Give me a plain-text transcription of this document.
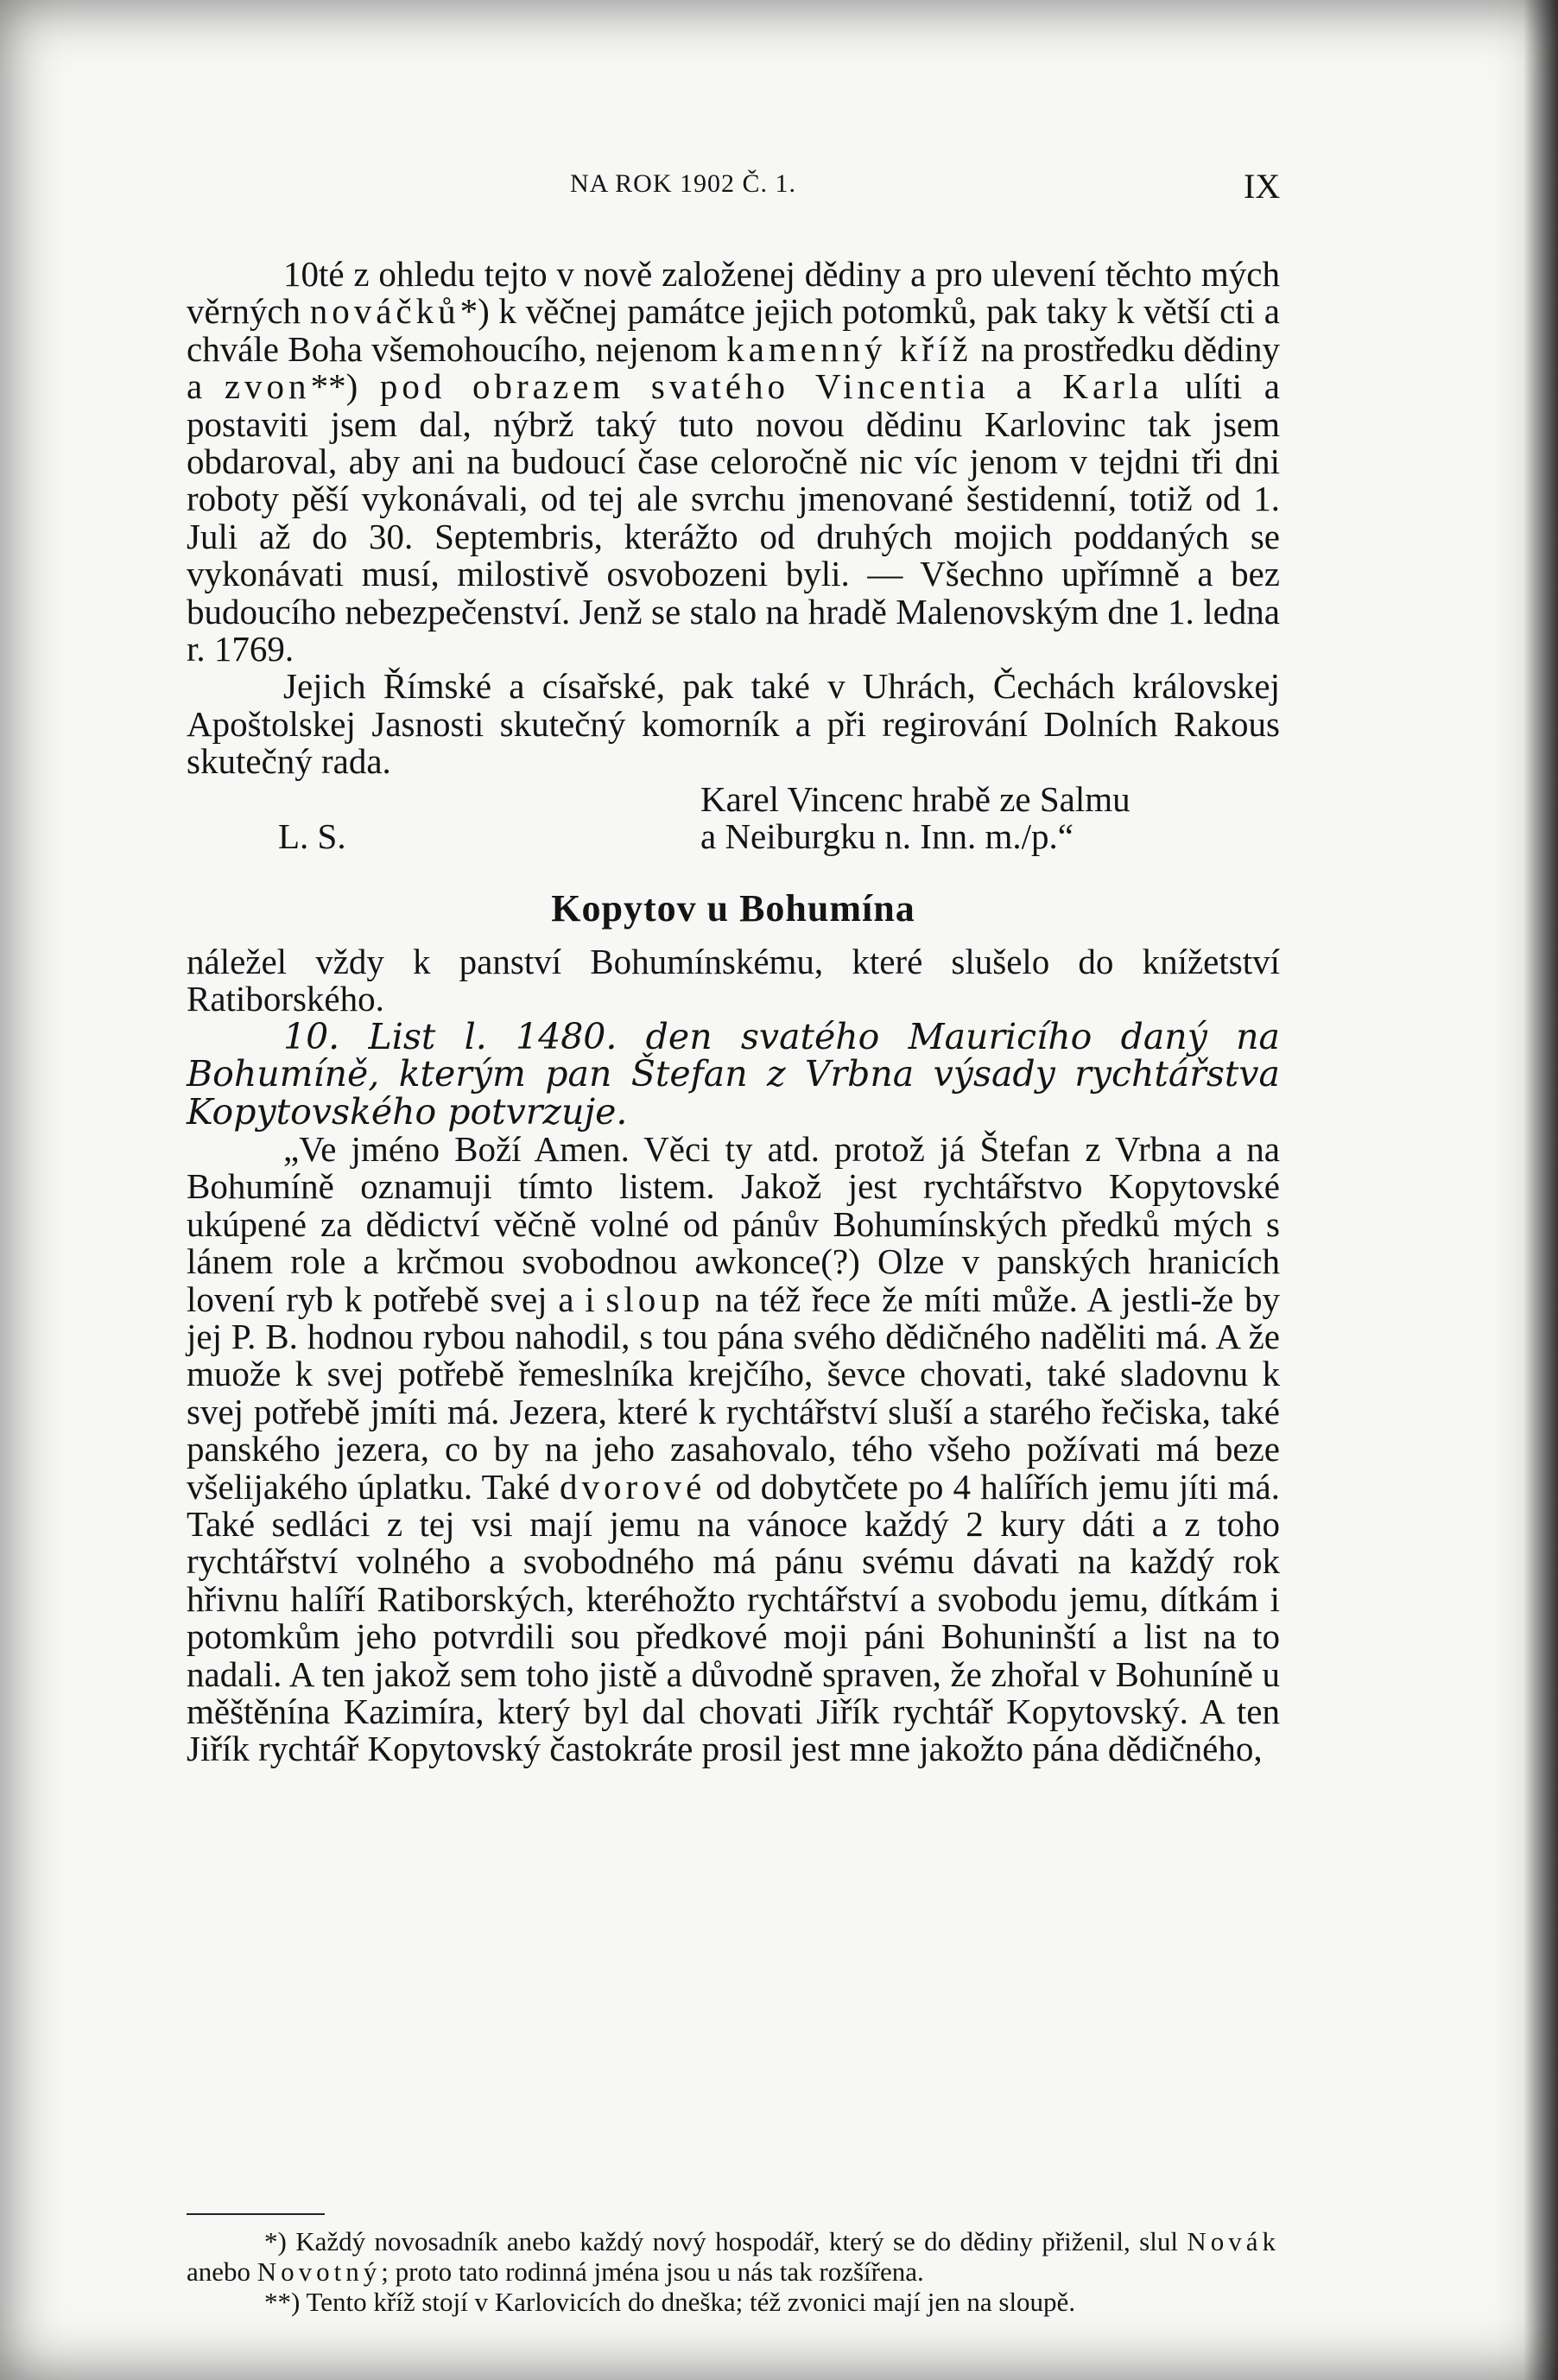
NA ROK 1902 Č. 1.	IX

10té z ohledu tejto v nově založenej dědiny a pro ulevení těchto mých věrných nováčků*) k věčnej památce jejich potomků, pak taky k větší cti a chvále Boha všemohoucího, nejenom kamenný kříž na prostředku dědiny a zvon**) pod obrazem svatého Vincentia a Karla ulíti a postaviti jsem dal, nýbrž taký tuto novou dědinu Karlovinc tak jsem obdaroval, aby ani na budoucí čase celoročně nic víc jenom v tejdni tři dni roboty pěší vykonávali, od tej ale svrchu jmenované šestidenní, totiž od 1. Juli až do 30. Septembris, kterážto od druhých mojich poddaných se vykonávati musí, milostivě osvobozeni byli. — Všechno upřímně a bez budoucího nebezpečenství. Jenž se stalo na hradě Malenovským dne 1. ledna r. 1769.

Jejich Římské a císařské, pak také v Uhrách, Čechách královskej Apoštolskej Jasnosti skutečný komorník a při regirování Dolních Rakous skutečný rada.

Karel Vincenc hrabě ze Salmu
L. S.	a Neiburgku n. Inn. m./p.“
Kopytov u Bohumína

náležel vždy k panství Bohumínskému, které slušelo do knížetství Ratiborského.

10. List l. 1480. den svatého Mauricího daný na Bohumíně, kterým pan Štefan z Vrbna výsady rychtářstva Kopytovského potvrzuje.

„Ve jméno Boží Amen. Věci ty atd. protož já Štefan z Vrbna a na Bohumíně oznamuji tímto listem. Jakož jest rychtářstvo Kopytovské ukúpené za dědictví věčně volné od pánův Bohumínských předků mých s lánem role a krčmou svobodnou awkonce(?) Olze v panských hranicích lovení ryb k potřebě svej a i sloup na též řece že míti může. A jestli-že by jej P. B. hodnou rybou nahodil, s tou pána svého dědičného naděliti má. A že muože k svej potřebě řemeslníka krejčího, ševce chovati, také sladovnu k svej potřebě jmíti má. Jezera, které k rychtářství sluší a starého řečiska, také panského jezera, co by na jeho zasahovalo, tého všeho požívati má beze všelijakého úplatku. Také dvorové od dobytčete po 4 halířích jemu jíti má. Také sedláci z tej vsi mají jemu na vánoce každý 2 kury dáti a z toho rychtářství volného a svobodného má pánu svému dávati na každý rok hřivnu halíří Ratiborských, kteréhožto rychtářství a svobodu jemu, dítkám i potomkům jeho potvrdili sou předkové moji páni Bohuninští a list na to nadali. A ten jakož sem toho jistě a důvodně spraven, že zhořal v Bohuníně u měštěnína Kazimíra, který byl dal chovati Jiřík rychtář Kopytovský. A ten Jiřík rychtář Kopytovský častokráte prosil jest mne jakožto pána dědičného,

*) Každý novosadník anebo každý nový hospodář, který se do dědiny přiženil, slul Novák anebo Novotný; proto tato rodinná jména jsou u nás tak rozšířena.

**) Tento kříž stojí v Karlovicích do dneška; též zvonici mají jen na sloupě.
